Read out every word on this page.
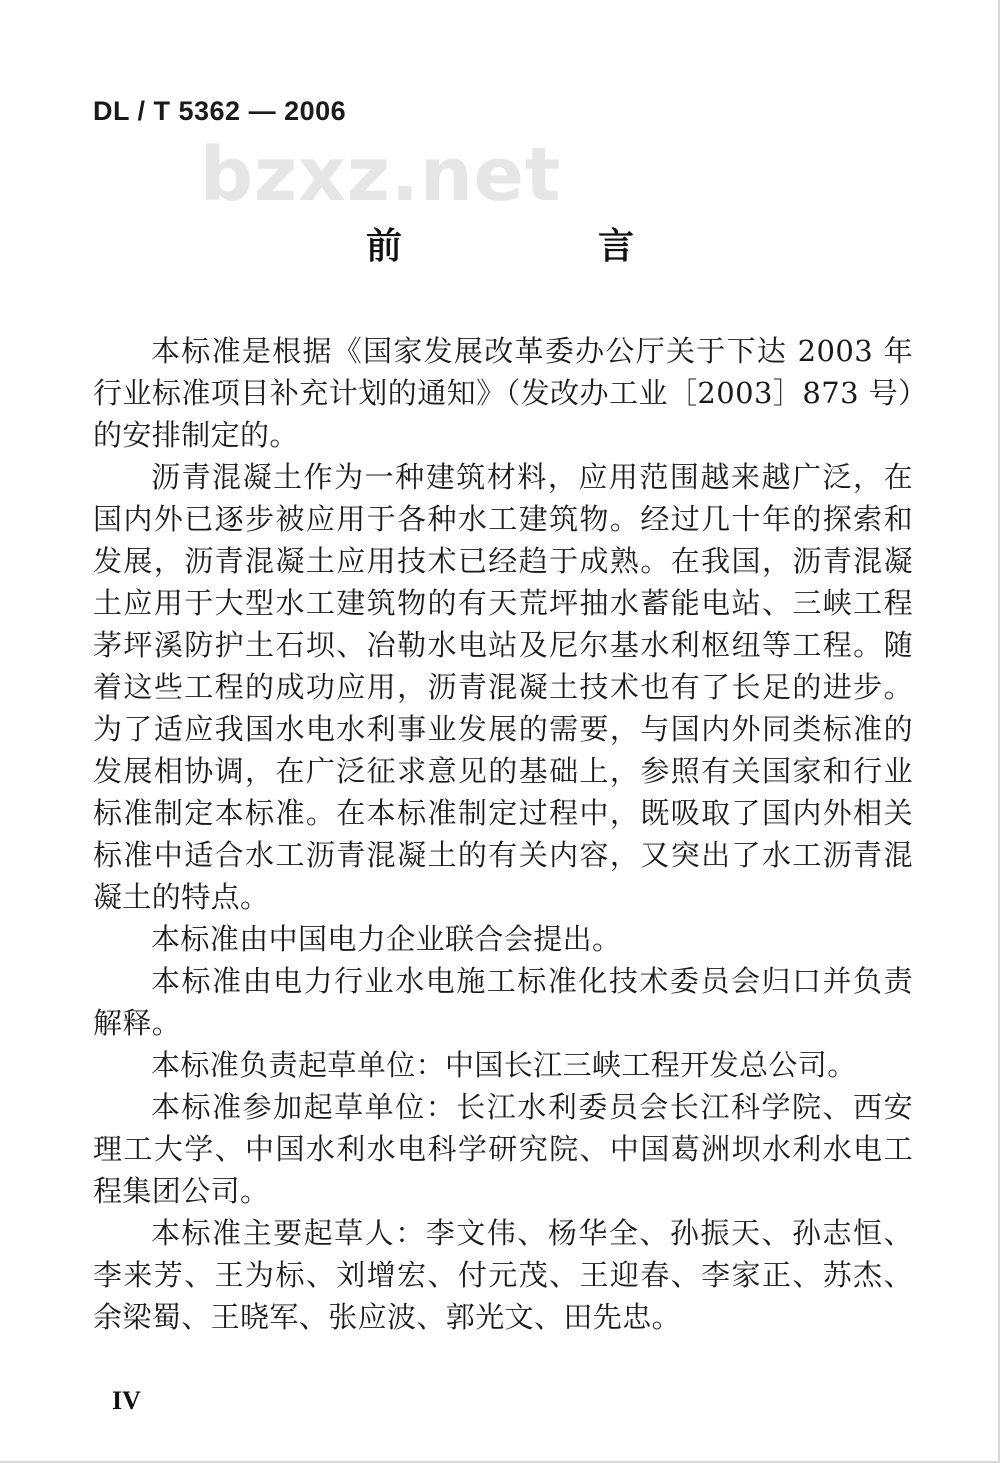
DL / T 5362 — 2006
bzxz.net
前　言

本标准是根据《国家发展改革委办公厅关于下达 2003 年行业标准项目补充计划的通知》（发改办工业［2003］873 号）的安排制定的。

沥青混凝土作为一种建筑材料，应用范围越来越广泛，在国内外已逐步被应用于各种水工建筑物。经过几十年的探索和发展，沥青混凝土应用技术已经趋于成熟。在我国，沥青混凝土应用于大型水工建筑物的有天荒坪抽水蓄能电站、三峡工程茅坪溪防护土石坝、冶勒水电站及尼尔基水利枢纽等工程。随着这些工程的成功应用，沥青混凝土技术也有了长足的进步。为了适应我国水电水利事业发展的需要，与国内外同类标准的发展相协调，在广泛征求意见的基础上，参照有关国家和行业标准制定本标准。在本标准制定过程中，既吸取了国内外相关标准中适合水工沥青混凝土的有关内容，又突出了水工沥青混凝土的特点。

本标准由中国电力企业联合会提出。

本标准由电力行业水电施工标准化技术委员会归口并负责解释。

本标准负责起草单位：中国长江三峡工程开发总公司。

本标准参加起草单位：长江水利委员会长江科学院、西安理工大学、中国水利水电科学研究院、中国葛洲坝水利水电工程集团公司。

本标准主要起草人：李文伟、杨华全、孙振天、孙志恒、李来芳、王为标、刘增宏、付元茂、王迎春、李家正、苏杰、余梁蜀、王晓军、张应波、郭光文、田先忠。

IV
